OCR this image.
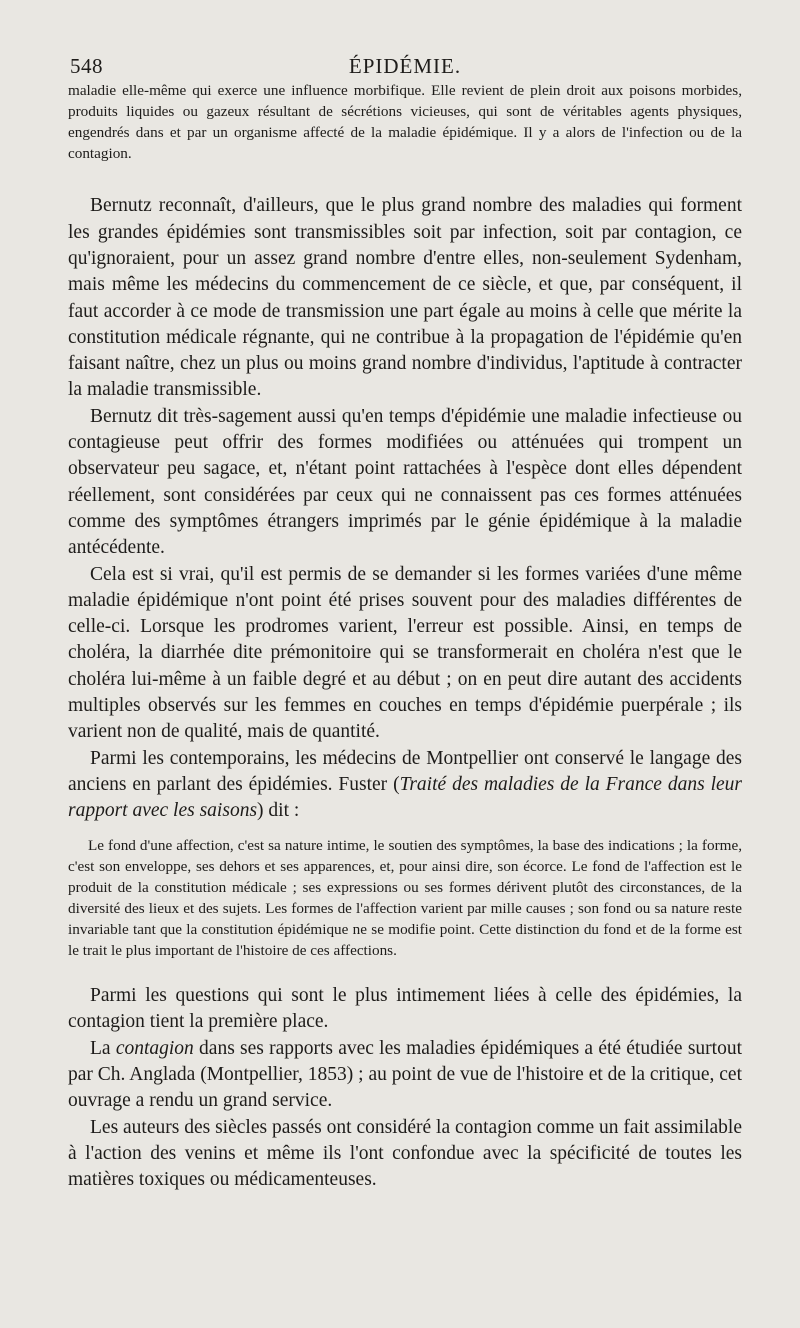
548	ÉPIDÉMIE.

maladie elle-même qui exerce une influence morbifique. Elle revient de plein droit aux poisons morbides, produits liquides ou gazeux résultant de sécrétions vicieuses, qui sont de véritables agents physiques, engendrés dans et par un organisme affecté de la maladie épidémique. Il y a alors de l'infection ou de la contagion.

Bernutz reconnaît, d'ailleurs, que le plus grand nombre des maladies qui forment les grandes épidémies sont transmissibles soit par infection, soit par contagion, ce qu'ignoraient, pour un assez grand nombre d'entre elles, non-seulement Sydenham, mais même les médecins du commencement de ce siècle, et que, par conséquent, il faut accorder à ce mode de transmission une part égale au moins à celle que mérite la constitution médicale régnante, qui ne contribue à la propagation de l'épidémie qu'en faisant naître, chez un plus ou moins grand nombre d'individus, l'aptitude à contracter la maladie transmissible.

Bernutz dit très-sagement aussi qu'en temps d'épidémie une maladie infectieuse ou contagieuse peut offrir des formes modifiées ou atténuées qui trompent un observateur peu sagace, et, n'étant point rattachées à l'espèce dont elles dépendent réellement, sont considérées par ceux qui ne connaissent pas ces formes atténuées comme des symptômes étrangers imprimés par le génie épidémique à la maladie antécédente.

Cela est si vrai, qu'il est permis de se demander si les formes variées d'une même maladie épidémique n'ont point été prises souvent pour des maladies différentes de celle-ci. Lorsque les prodromes varient, l'erreur est possible. Ainsi, en temps de choléra, la diarrhée dite prémonitoire qui se transformerait en choléra n'est que le choléra lui-même à un faible degré et au début ; on en peut dire autant des accidents multiples observés sur les femmes en couches en temps d'épidémie puerpérale ; ils varient non de qualité, mais de quantité.

Parmi les contemporains, les médecins de Montpellier ont conservé le langage des anciens en parlant des épidémies. Fuster (Traité des maladies de la France dans leur rapport avec les saisons) dit :

Le fond d'une affection, c'est sa nature intime, le soutien des symptômes, la base des indications ; la forme, c'est son enveloppe, ses dehors et ses apparences, et, pour ainsi dire, son écorce. Le fond de l'affection est le produit de la constitution médicale ; ses expressions ou ses formes dérivent plutôt des circonstances, de la diversité des lieux et des sujets. Les formes de l'affection varient par mille causes ; son fond ou sa nature reste invariable tant que la constitution épidémique ne se modifie point. Cette distinction du fond et de la forme est le trait le plus important de l'histoire de ces affections.

Parmi les questions qui sont le plus intimement liées à celle des épidémies, la contagion tient la première place.

La contagion dans ses rapports avec les maladies épidémiques a été étudiée surtout par Ch. Anglada (Montpellier, 1853) ; au point de vue de l'histoire et de la critique, cet ouvrage a rendu un grand service.

Les auteurs des siècles passés ont considéré la contagion comme un fait assimilable à l'action des venins et même ils l'ont confondue avec la spécificité de toutes les matières toxiques ou médicamenteuses.
